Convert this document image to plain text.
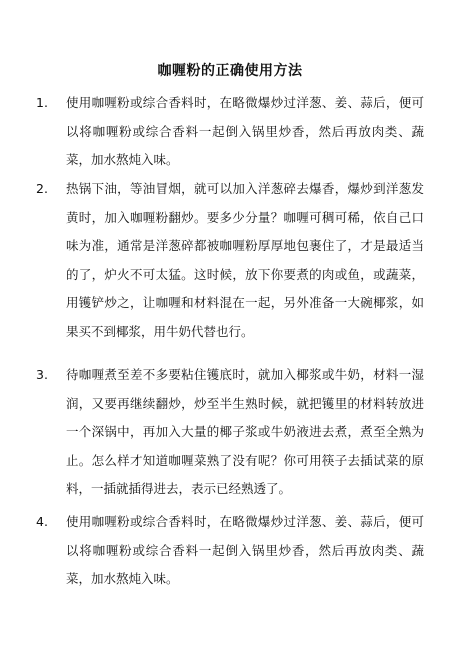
咖喱粉的正确使用方法
1.	使用咖喱粉或综合香料时，在略微爆炒过洋葱、姜、蒜后，便可以将咖喱粉或综合香料一起倒入锅里炒香，然后再放肉类、蔬菜，加水熬炖入味。
2.	热锅下油，等油冒烟，就可以加入洋葱碎去爆香，爆炒到洋葱发黄时，加入咖喱粉翻炒。要多少分量？咖喱可稠可稀，依自己口味为准，通常是洋葱碎都被咖喱粉厚厚地包裹住了，才是最适当的了，炉火不可太猛。这时候，放下你要煮的肉或鱼，或蔬菜，用镬铲炒之，让咖喱和材料混在一起，另外准备一大碗椰浆，如果买不到椰浆，用牛奶代替也行。
3.	待咖喱煮至差不多要粘住镬底时，就加入椰浆或牛奶，材料一湿润，又要再继续翻炒，炒至半生熟时候，就把镬里的材料转放进一个深锅中，再加入大量的椰子浆或牛奶液进去煮，煮至全熟为止。怎么样才知道咖喱菜熟了没有呢？你可用筷子去插试菜的原料，一插就插得进去，表示已经熟透了。
4.	使用咖喱粉或综合香料时，在略微爆炒过洋葱、姜、蒜后，便可以将咖喱粉或综合香料一起倒入锅里炒香，然后再放肉类、蔬菜，加水熬炖入味。
